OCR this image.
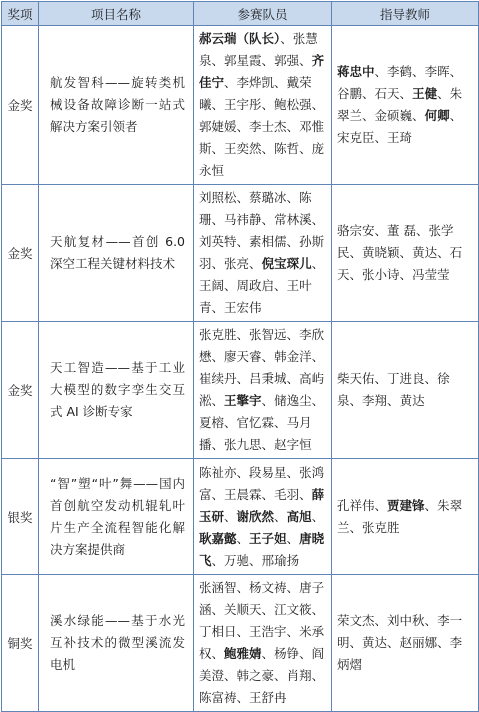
奖项	项目名称	参赛队员	指导教师
金奖	航发智科——旋转类机械设备故障诊断一站式解决方案引领者	郝云瑞（队长）、张慧泉、郭星霞、郭强、齐佳宁、李烨凯、戴荣曦、王宇彤、鲍松强、郭婕媛、李士杰、邓惟斯、王奕然、陈哲、庞永恒	蒋忠中、李鹤、李晖、谷鹏、石天、王健、朱翠兰、金硕巍、何卿、宋克臣、王琦
金奖	天航复材——首创 6.0 深空工程关键材料技术	刘照松、蔡璐冰、陈珊、马祎静、常林溪、刘英特、素相儒、孙斯羽、张亮、倪宝琛儿、王阔、周政启、王叶青、王宏伟	骆宗安、董 磊、张学民、黄晓颖、黄达、石天、张小诗、冯莹莹
金奖	天工智造——基于工业大模型的数字孪生交互式 AI 诊断专家	张克胜、张智远、李欣懋、廖天睿、韩金洋、崔续丹、吕秉城、高屿淞、王擎宇、储逸尘、夏榕、官忆霖、马月播、张九思、赵字恒	柴天佑、丁进良、徐泉、李翔、黄达
银奖	“智”塑“叶”舞——国内首创航空发动机辊轧叶片生产全流程智能化解决方案提供商	陈祉亦、段易星、张鸿富、王晨霖、毛羽、薛玉研、谢欣然、高旭、耿嘉懿、王子妲、唐晓飞、万驰、邢瑜扬	孔祥伟、贾建锋、朱翠兰、张克胜
铜奖	溪水绿能——基于水光互补技术的微型溪流发电机	张涵智、杨文祷、唐子涵、关顺天、江文筱、丁相日、王浩宇、米承权、鲍雅婧、杨铮、阎美澄、韩之豪、肖翔、陈富祷、王舒冉	荣文杰、刘中秋、李一明、黄达、赵丽娜、李炳熠
